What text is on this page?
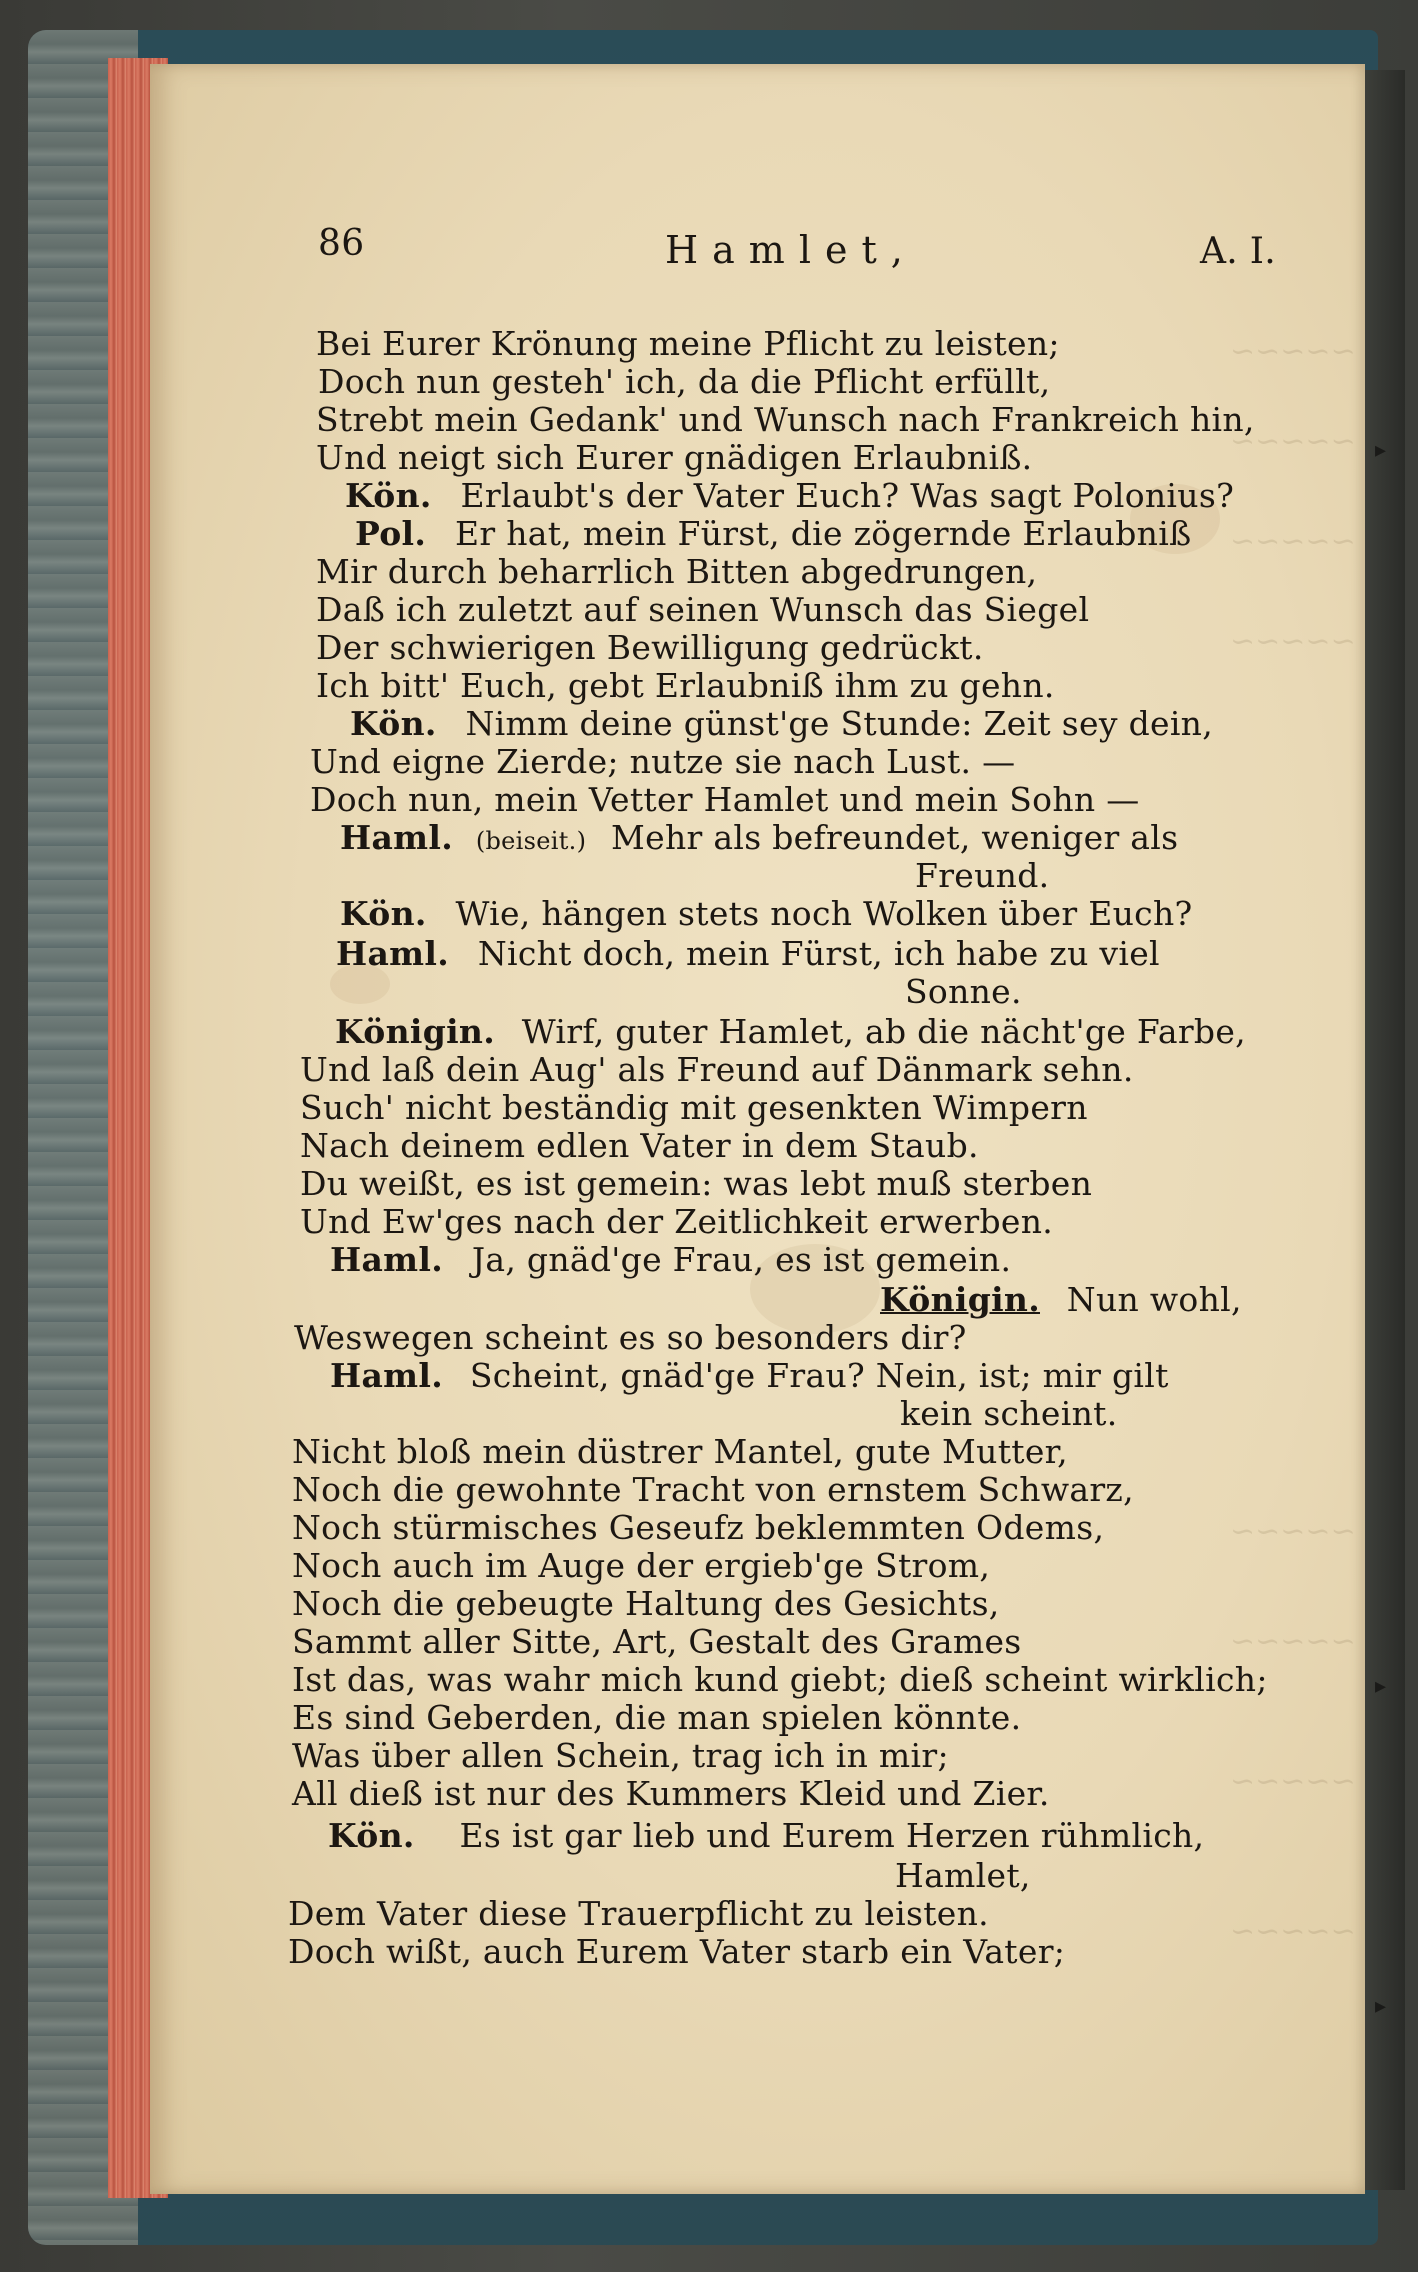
~~~~~
~~~~~
~~~~~
~~~~~
~~~~~
~~~~~
~~~~~
~~~~~
▸
▸
▸
86	Hamlet,	A. I.
Bei Eurer Krönung meine Pflicht zu leisten;
Doch nun gesteh' ich, da die Pflicht erfüllt,
Strebt mein Gedank' und Wunsch nach Frankreich hin,
Und neigt sich Eurer gnädigen Erlaubniß.
Kön. Erlaubt's der Vater Euch? Was sagt Polonius?
Pol. Er hat, mein Fürst, die zögernde Erlaubniß
Mir durch beharrlich Bitten abgedrungen,
Daß ich zuletzt auf seinen Wunsch das Siegel
Der schwierigen Bewilligung gedrückt.
Ich bitt' Euch, gebt Erlaubniß ihm zu gehn.
Kön. Nimm deine günst'ge Stunde: Zeit sey dein,
Und eigne Zierde; nutze sie nach Lust. —
Doch nun, mein Vetter Hamlet und mein Sohn —
Haml. (beiseit.) Mehr als befreundet, weniger als
Freund.
Kön. Wie, hängen stets noch Wolken über Euch?
Haml. Nicht doch, mein Fürst, ich habe zu viel
Sonne.
Königin. Wirf, guter Hamlet, ab die nächt'ge Farbe,
Und laß dein Aug' als Freund auf Dänmark sehn.
Such' nicht beständig mit gesenkten Wimpern
Nach deinem edlen Vater in dem Staub.
Du weißt, es ist gemein: was lebt muß sterben
Und Ew'ges nach der Zeitlichkeit erwerben.
Haml. Ja, gnäd'ge Frau, es ist gemein.
Königin. Nun wohl,
Weswegen scheint es so besonders dir?
Haml. Scheint, gnäd'ge Frau? Nein, ist; mir gilt
kein scheint.
Nicht bloß mein düstrer Mantel, gute Mutter,
Noch die gewohnte Tracht von ernstem Schwarz,
Noch stürmisches Geseufz beklemmten Odems,
Noch auch im Auge der ergieb'ge Strom,
Noch die gebeugte Haltung des Gesichts,
Sammt aller Sitte, Art, Gestalt des Grames
Ist das, was wahr mich kund giebt; dieß scheint wirklich;
Es sind Geberden, die man spielen könnte.
Was über allen Schein, trag ich in mir;
All dieß ist nur des Kummers Kleid und Zier.
Kön. Es ist gar lieb und Eurem Herzen rühmlich,
Hamlet,
Dem Vater diese Trauerpflicht zu leisten.
Doch wißt, auch Eurem Vater starb ein Vater;
